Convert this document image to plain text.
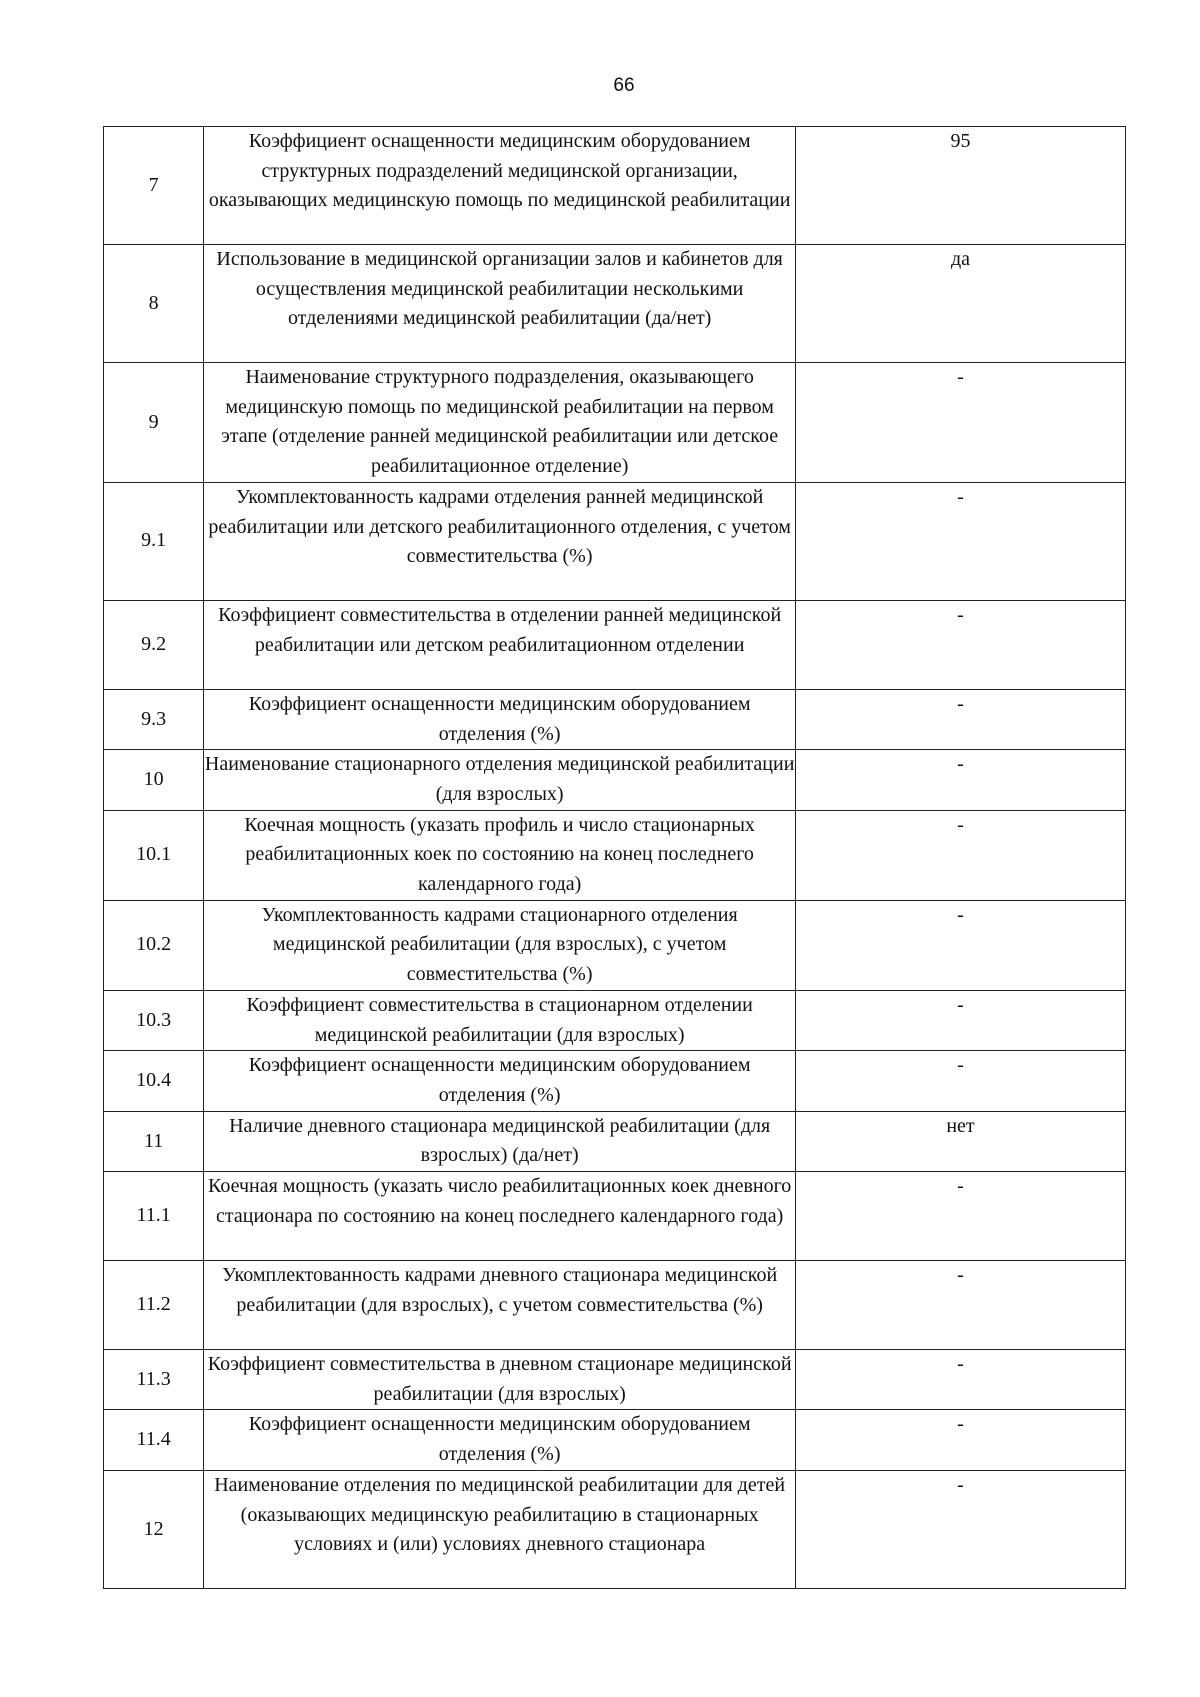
66
7	Коэффициент оснащенности медицинским оборудованием структурных подразделений медицинской организации, оказывающих медицинскую помощь по медицинской реабилитации	95
8	Использование в медицинской организации залов и кабинетов для осуществления медицинской реабилитации несколькими отделениями медицинской реабилитации (да/нет)	да
9	Наименование структурного подразделения, оказывающего медицинскую помощь по медицинской реабилитации на первом этапе (отделение ранней медицинской реабилитации или детское реабилитационное отделение)	-
9.1	Укомплектованность кадрами отделения ранней медицинской реабилитации или детского реабилитационного отделения, с учетом совместительства (%)	-
9.2	Коэффициент совместительства в отделении ранней медицинской реабилитации или детском реабилитационном отделении	-
9.3	Коэффициент оснащенности медицинским оборудованием отделения (%)	-
10	Наименование стационарного отделения медицинской реабилитации (для взрослых)	-
10.1	Коечная мощность (указать профиль и число стационарных реабилитационных коек по состоянию на конец последнего календарного года)	-
10.2	Укомплектованность кадрами стационарного отделения медицинской реабилитации (для взрослых), с учетом совместительства (%)	-
10.3	Коэффициент совместительства в стационарном отделении медицинской реабилитации (для взрослых)	-
10.4	Коэффициент оснащенности медицинским оборудованием отделения (%)	-
11	Наличие дневного стационара медицинской реабилитации (для взрослых) (да/нет)	нет
11.1	Коечная мощность (указать число реабилитационных коек дневного стационара по состоянию на конец последнего календарного года)	-
11.2	Укомплектованность кадрами дневного стационара медицинской реабилитации (для взрослых), с учетом совместительства (%)	-
11.3	Коэффициент совместительства в дневном стационаре медицинской реабилитации (для взрослых)	-
11.4	Коэффициент оснащенности медицинским оборудованием отделения (%)	-
12	Наименование отделения по медицинской реабилитации для детей (оказывающих медицинскую реабилитацию в стационарных условиях и (или) условиях дневного стационара	-
